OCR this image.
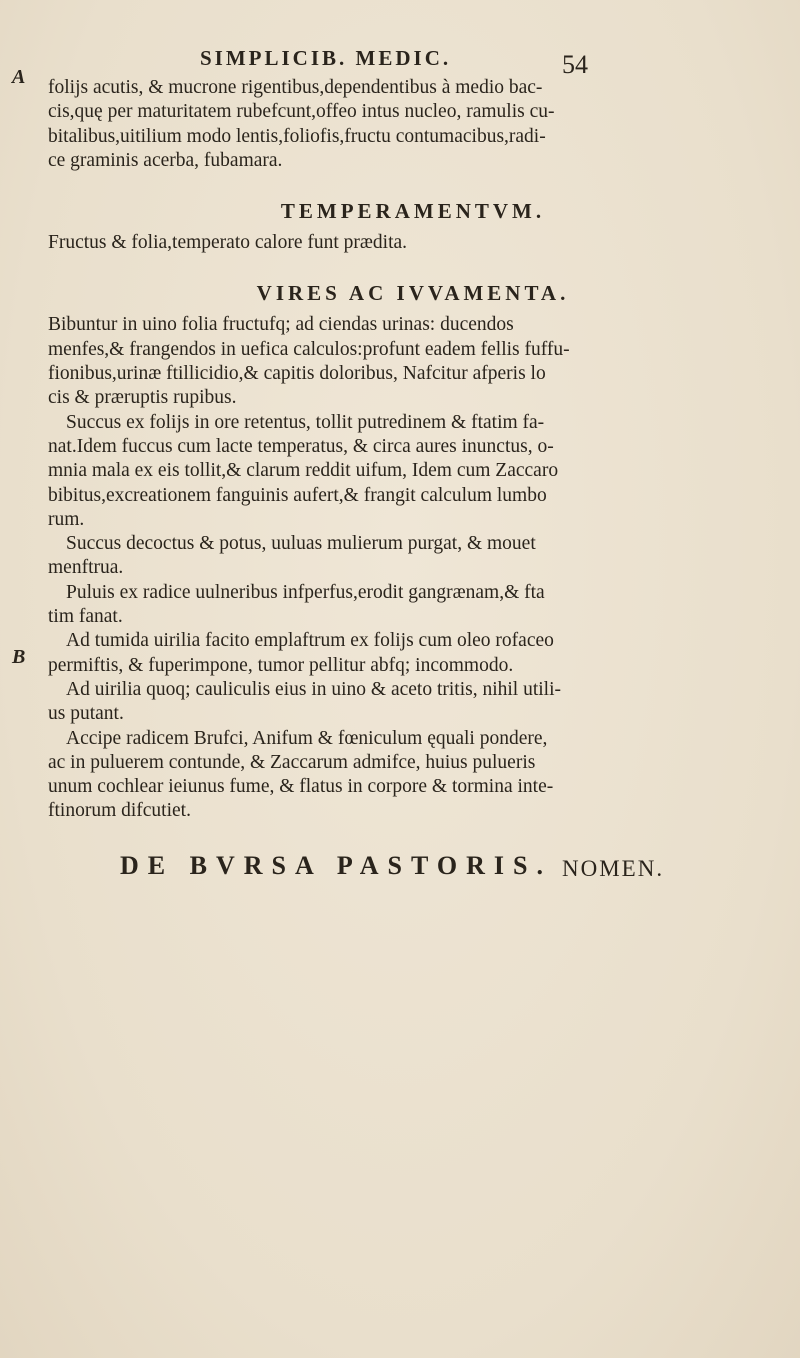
SIMPLICIB. MEDIC.	54
A
B
folijs acutis, & mucrone rigentibus,dependentibus à medio bac-
cis,quę per maturitatem rubefcunt,offeo intus nucleo, ramulis cu-
bitalibus,uitilium modo lentis,foliofis,fructu contumacibus,radi-
ce graminis acerba, fubamara.
TEMPERAMENTVM.
Fructus & folia,temperato calore funt prædita.
VIRES AC IVVAMENTA.
Bibuntur in uino folia fructufq; ad ciendas urinas: ducendos
menfes,& frangendos in uefica calculos:profunt eadem fellis fuffu-
fionibus,urinæ ftillicidio,& capitis doloribus, Nafcitur afperis lo
cis & præruptis rupibus.
Succus ex folijs in ore retentus, tollit putredinem & ftatim fa-
nat.Idem fuccus cum lacte temperatus, & circa aures inunctus, o-
mnia mala ex eis tollit,& clarum reddit uifum, Idem cum Zaccaro
bibitus,excreationem fanguinis aufert,& frangit calculum lumbo
rum.
Succus decoctus & potus, uuluas mulierum purgat, & mouet
menftrua.
Puluis ex radice uulneribus infperfus,erodit gangrænam,& fta
tim fanat.
Ad tumida uirilia facito emplaftrum ex folijs cum oleo rofaceo
permiftis, & fuperimpone, tumor pellitur abfq; incommodo.
Ad uirilia quoq; cauliculis eius in uino & aceto tritis, nihil utili-
us putant.
Accipe radicem Brufci, Anifum & fœniculum ęquali pondere,
ac in puluerem contunde, & Zaccarum admifce, huius pulueris
unum cochlear ieiunus fume, & flatus in corpore & tormina inte-
ftinorum difcutiet.
DE BVRSA PASTORIS. NOMEN.
